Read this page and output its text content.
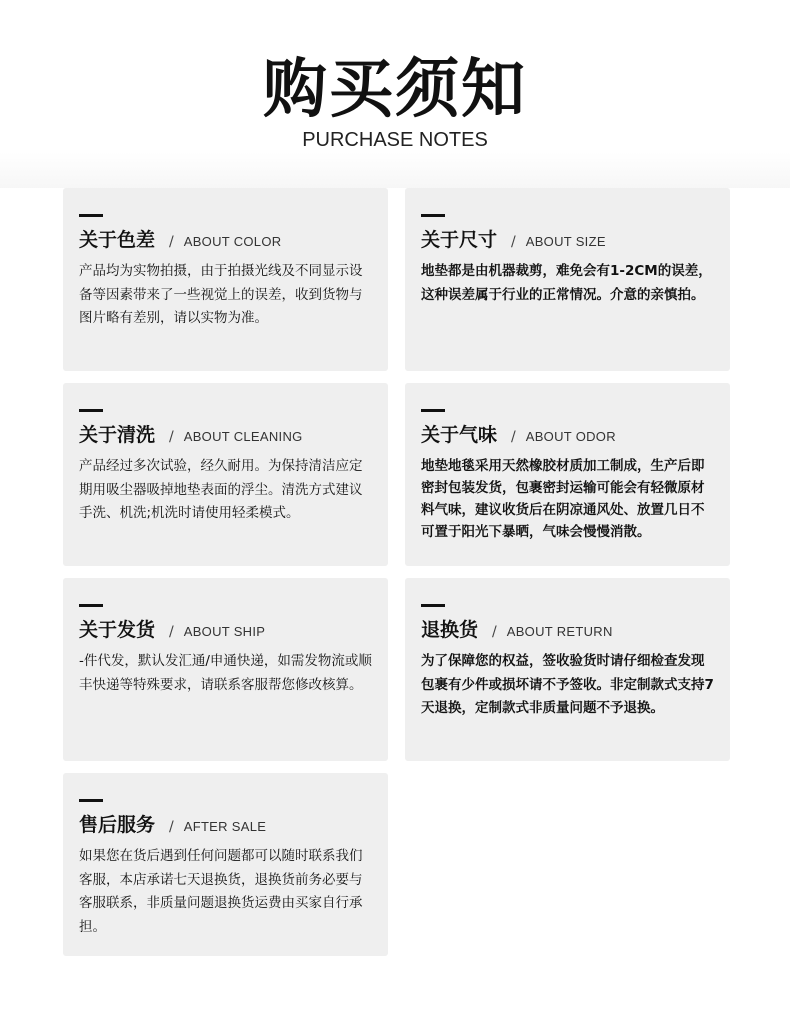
购买须知
PURCHASE NOTES
关于色差 / ABOUT COLOR
产品均为实物拍摄，由于拍摄光线及不同显示设备等因素带来了一些视觉上的误差，收到货物与图片略有差别，请以实物为准。
关于尺寸 / ABOUT SIZE
地垫都是由机器裁剪，难免会有1-2CM的误差，这种误差属于行业的正常情况。介意的亲慎拍。
关于清洗 / ABOUT CLEANING
产品经过多次试验，经久耐用。为保持清洁应定期用吸尘器吸掉地垫表面的浮尘。清洗方式建议手洗、机洗;机洗时请使用轻柔模式。
关于气味 / ABOUT ODOR
地垫地毯采用天然橡胶材质加工制成，生产后即密封包装发货，包裹密封运输可能会有轻微原材料气味，建议收货后在阴凉通风处、放置几日不可置于阳光下暴晒，气味会慢慢消散。
关于发货 / ABOUT SHIP
-件代发，默认发汇通/申通快递，如需发物流或顺丰快递等特殊要求，请联系客服帮您修改核算。
退换货 / ABOUT RETURN
为了保障您的权益，签收验货时请仔细检查发现包裹有少件或损坏请不予签收。非定制款式支持7天退换，定制款式非质量问题不予退换。
售后服务 / AFTER SALE
如果您在货后遇到任何问题都可以随时联系我们客服，本店承诺七天退换货，退换货前务必要与客服联系，非质量问题退换货运费由买家自行承担。
